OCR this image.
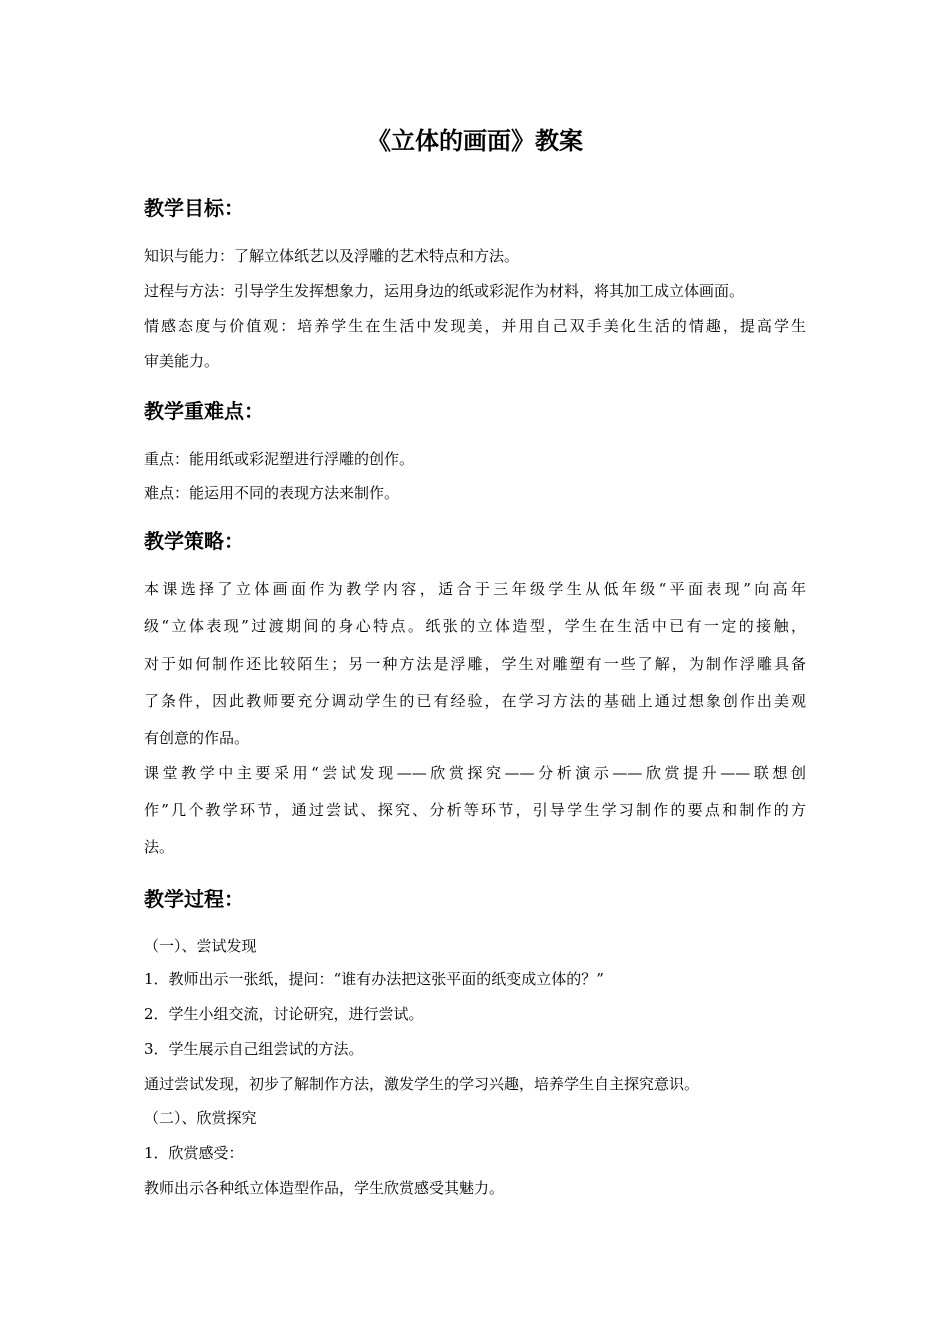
《立体的画面》教案
教学目标：

知识与能力：了解立体纸艺以及浮雕的艺术特点和方法。

过程与方法：引导学生发挥想象力，运用身边的纸或彩泥作为材料，将其加工成立体画面。

情感态度与价值观：培养学生在生活中发现美，并用自己双手美化生活的情趣，提高学生

审美能力。

教学重难点：

重点：能用纸或彩泥塑进行浮雕的创作。

难点：能运用不同的表现方法来制作。

教学策略：

本课选择了立体画面作为教学内容，适合于三年级学生从低年级“平面表现”向高年

级“立体表现”过渡期间的身心特点。纸张的立体造型，学生在生活中已有一定的接触，

对于如何制作还比较陌生；另一种方法是浮雕，学生对雕塑有一些了解，为制作浮雕具备

了条件，因此教师要充分调动学生的已有经验，在学习方法的基础上通过想象创作出美观

有创意的作品。

课堂教学中主要采用“尝试发现——欣赏探究——分析演示——欣赏提升——联想创

作”几个教学环节，通过尝试、探究、分析等环节，引导学生学习制作的要点和制作的方

法。

教学过程：

（一）、尝试发现

1．教师出示一张纸，提问：“谁有办法把这张平面的纸变成立体的？”

2．学生小组交流，讨论研究，进行尝试。

3．学生展示自己组尝试的方法。

通过尝试发现，初步了解制作方法，激发学生的学习兴趣，培养学生自主探究意识。

（二）、欣赏探究

1．欣赏感受：

教师出示各种纸立体造型作品，学生欣赏感受其魅力。
